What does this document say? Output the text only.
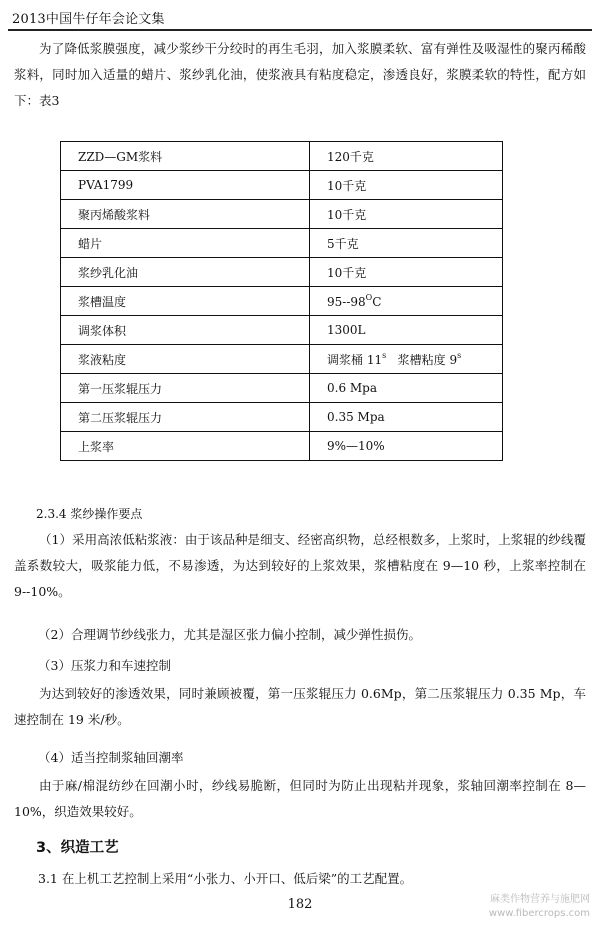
2013中国牛仔年会论文集
为了降低浆膜强度，减少浆纱干分绞时的再生毛羽，加入浆膜柔软、富有弹性及吸湿性的聚丙稀酸浆料，同时加入适量的蜡片、浆纱乳化油，使浆液具有粘度稳定，渗透良好，浆膜柔软的特性，配方如下：表3
ZZD—GM浆料	120千克
PVA1799	10千克
聚丙烯酸浆料	10千克
蜡片	5千克
浆纱乳化油	10千克
浆槽温度	$95--98^OC$
调浆体积	1300L
浆液粘度	调浆桶 11$^s$ 浆槽粘度 9$^s$
第一压浆辊压力	0.6 Mpa
第二压浆辊压力	0.35 Mpa
上浆率	9%—10%
2.3.4 浆纱操作要点
（1）采用高浓低粘浆液：由于该品种是细支、经密高织物，总经根数多，上浆时，上浆辊的纱线覆盖系数较大，吸浆能力低，不易渗透，为达到较好的上浆效果，浆槽粘度在 9—10 秒，上浆率控制在 9--10%。
（2）合理调节纱线张力，尤其是湿区张力偏小控制，减少弹性损伤。
（3）压浆力和车速控制
为达到较好的渗透效果，同时兼顾被覆，第一压浆辊压力 0.6Mp，第二压浆辊压力 0.35 Mp，车速控制在 19 米/秒。
（4）适当控制浆轴回潮率
由于麻/棉混纺纱在回潮小时，纱线易脆断，但同时为防止出现粘并现象，浆轴回潮率控制在 8—10%，织造效果较好。
3、织造工艺
3.1 在上机工艺控制上采用“小张力、小开口、低后梁”的工艺配置。
182	麻类作物营养与施肥网
www.fibercrops.com
